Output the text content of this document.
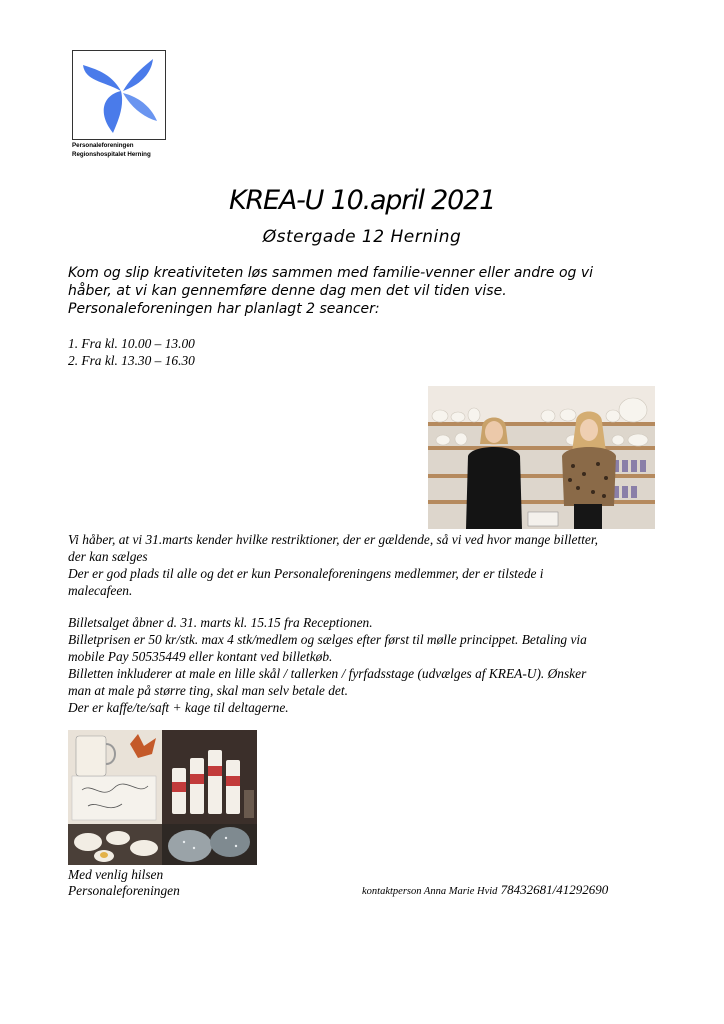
Personaleforeningen
Regionshospitalet Herning
KREA-U 10.april 2021
Østergade 12 Herning
Kom og slip kreativiteten løs sammen med familie-venner eller andre og vi
håber, at vi kan gennemføre denne dag men det vil tiden vise.
Personaleforeningen har planlagt 2 seancer:
1. Fra kl. 10.00 – 13.00
2. Fra kl. 13.30 – 16.30
Vi håber, at vi 31.marts kender hvilke restriktioner, der er gældende, så vi ved hvor mange billetter,
der kan sælges
Der er god plads til alle og det er kun Personaleforeningens medlemmer, der er tilstede i
malecafeen.
Billetsalget åbner d. 31. marts kl. 15.15 fra Receptionen.
Billetprisen er 50 kr/stk. max 4 stk/medlem og sælges efter først til mølle princippet. Betaling via
mobile Pay 50535449 eller kontant ved billetkøb.
Billetten inkluderer at male en lille skål / tallerken / fyrfadsstage (udvælges af KREA-U). Ønsker
man at male på større ting, skal man selv betale det.
Der er kaffe/te/saft + kage til deltagerne.
Med venlig hilsen
Personaleforeningen	kontaktperson Anna Marie Hvid 78432681/41292690
